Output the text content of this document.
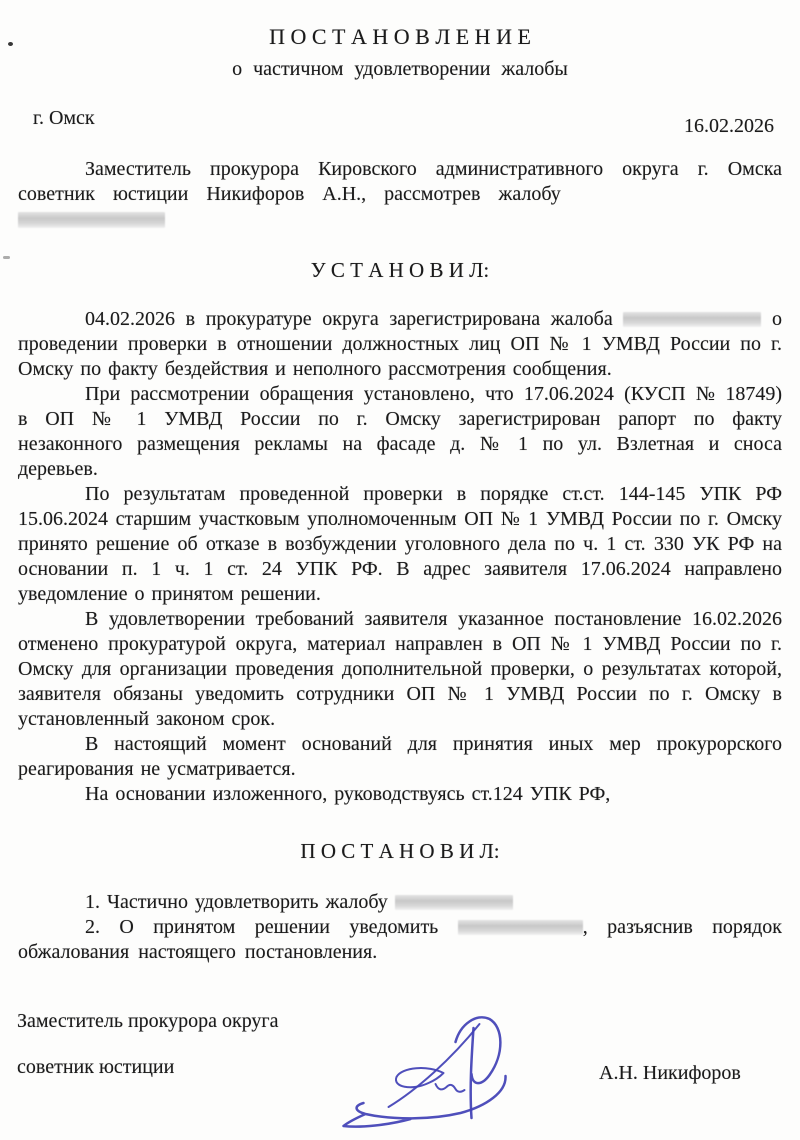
П О С Т А Н О В Л Е Н И Е
о частичном удовлетворении жалобы
г. Омск	16.02.2026

Заместитель прокурора Кировского административного округа г. Омска советник юстиции Никифоров А.Н., рассмотрев жалобу

У С Т А Н О В И Л:

04.02.2026 в прокуратуре округа зарегистрирована жалоба	о проведении проверки в отношении должностных лиц ОП № 1 УМВД России по г. Омску по факту бездействия и неполного рассмотрения сообщения.

При рассмотрении обращения установлено, что 17.06.2024 (КУСП № 18749) в ОП № 1 УМВД России по г. Омску зарегистрирован рапорт по факту незаконного размещения рекламы на фасаде д. № 1 по ул. Взлетная и сноса деревьев.

По результатам проведенной проверки в порядке ст.ст. 144-145 УПК РФ 15.06.2024 старшим участковым уполномоченным ОП № 1 УМВД России по г. Омску принято решение об отказе в возбуждении уголовного дела по ч. 1 ст. 330 УК РФ на основании п. 1 ч. 1 ст. 24 УПК РФ. В адрес заявителя 17.06.2024 направлено уведомление о принятом решении.

В удовлетворении требований заявителя указанное постановление 16.02.2026 отменено прокуратурой округа, материал направлен в ОП № 1 УМВД России по г. Омску для организации проведения дополнительной проверки, о результатах которой, заявителя обязаны уведомить сотрудники ОП № 1 УМВД России по г. Омску в установленный законом срок.

В настоящий момент оснований для принятия иных мер прокурорского реагирования не усматривается.

На основании изложенного, руководствуясь ст.124 УПК РФ,

П О С Т А Н О В И Л:

1. Частично удовлетворить жалобу

2. О принятом решении уведомить	, разъяснив порядок обжалования настоящего постановления.

Заместитель прокурора округа
советник юстиции	А.Н. Никифоров
